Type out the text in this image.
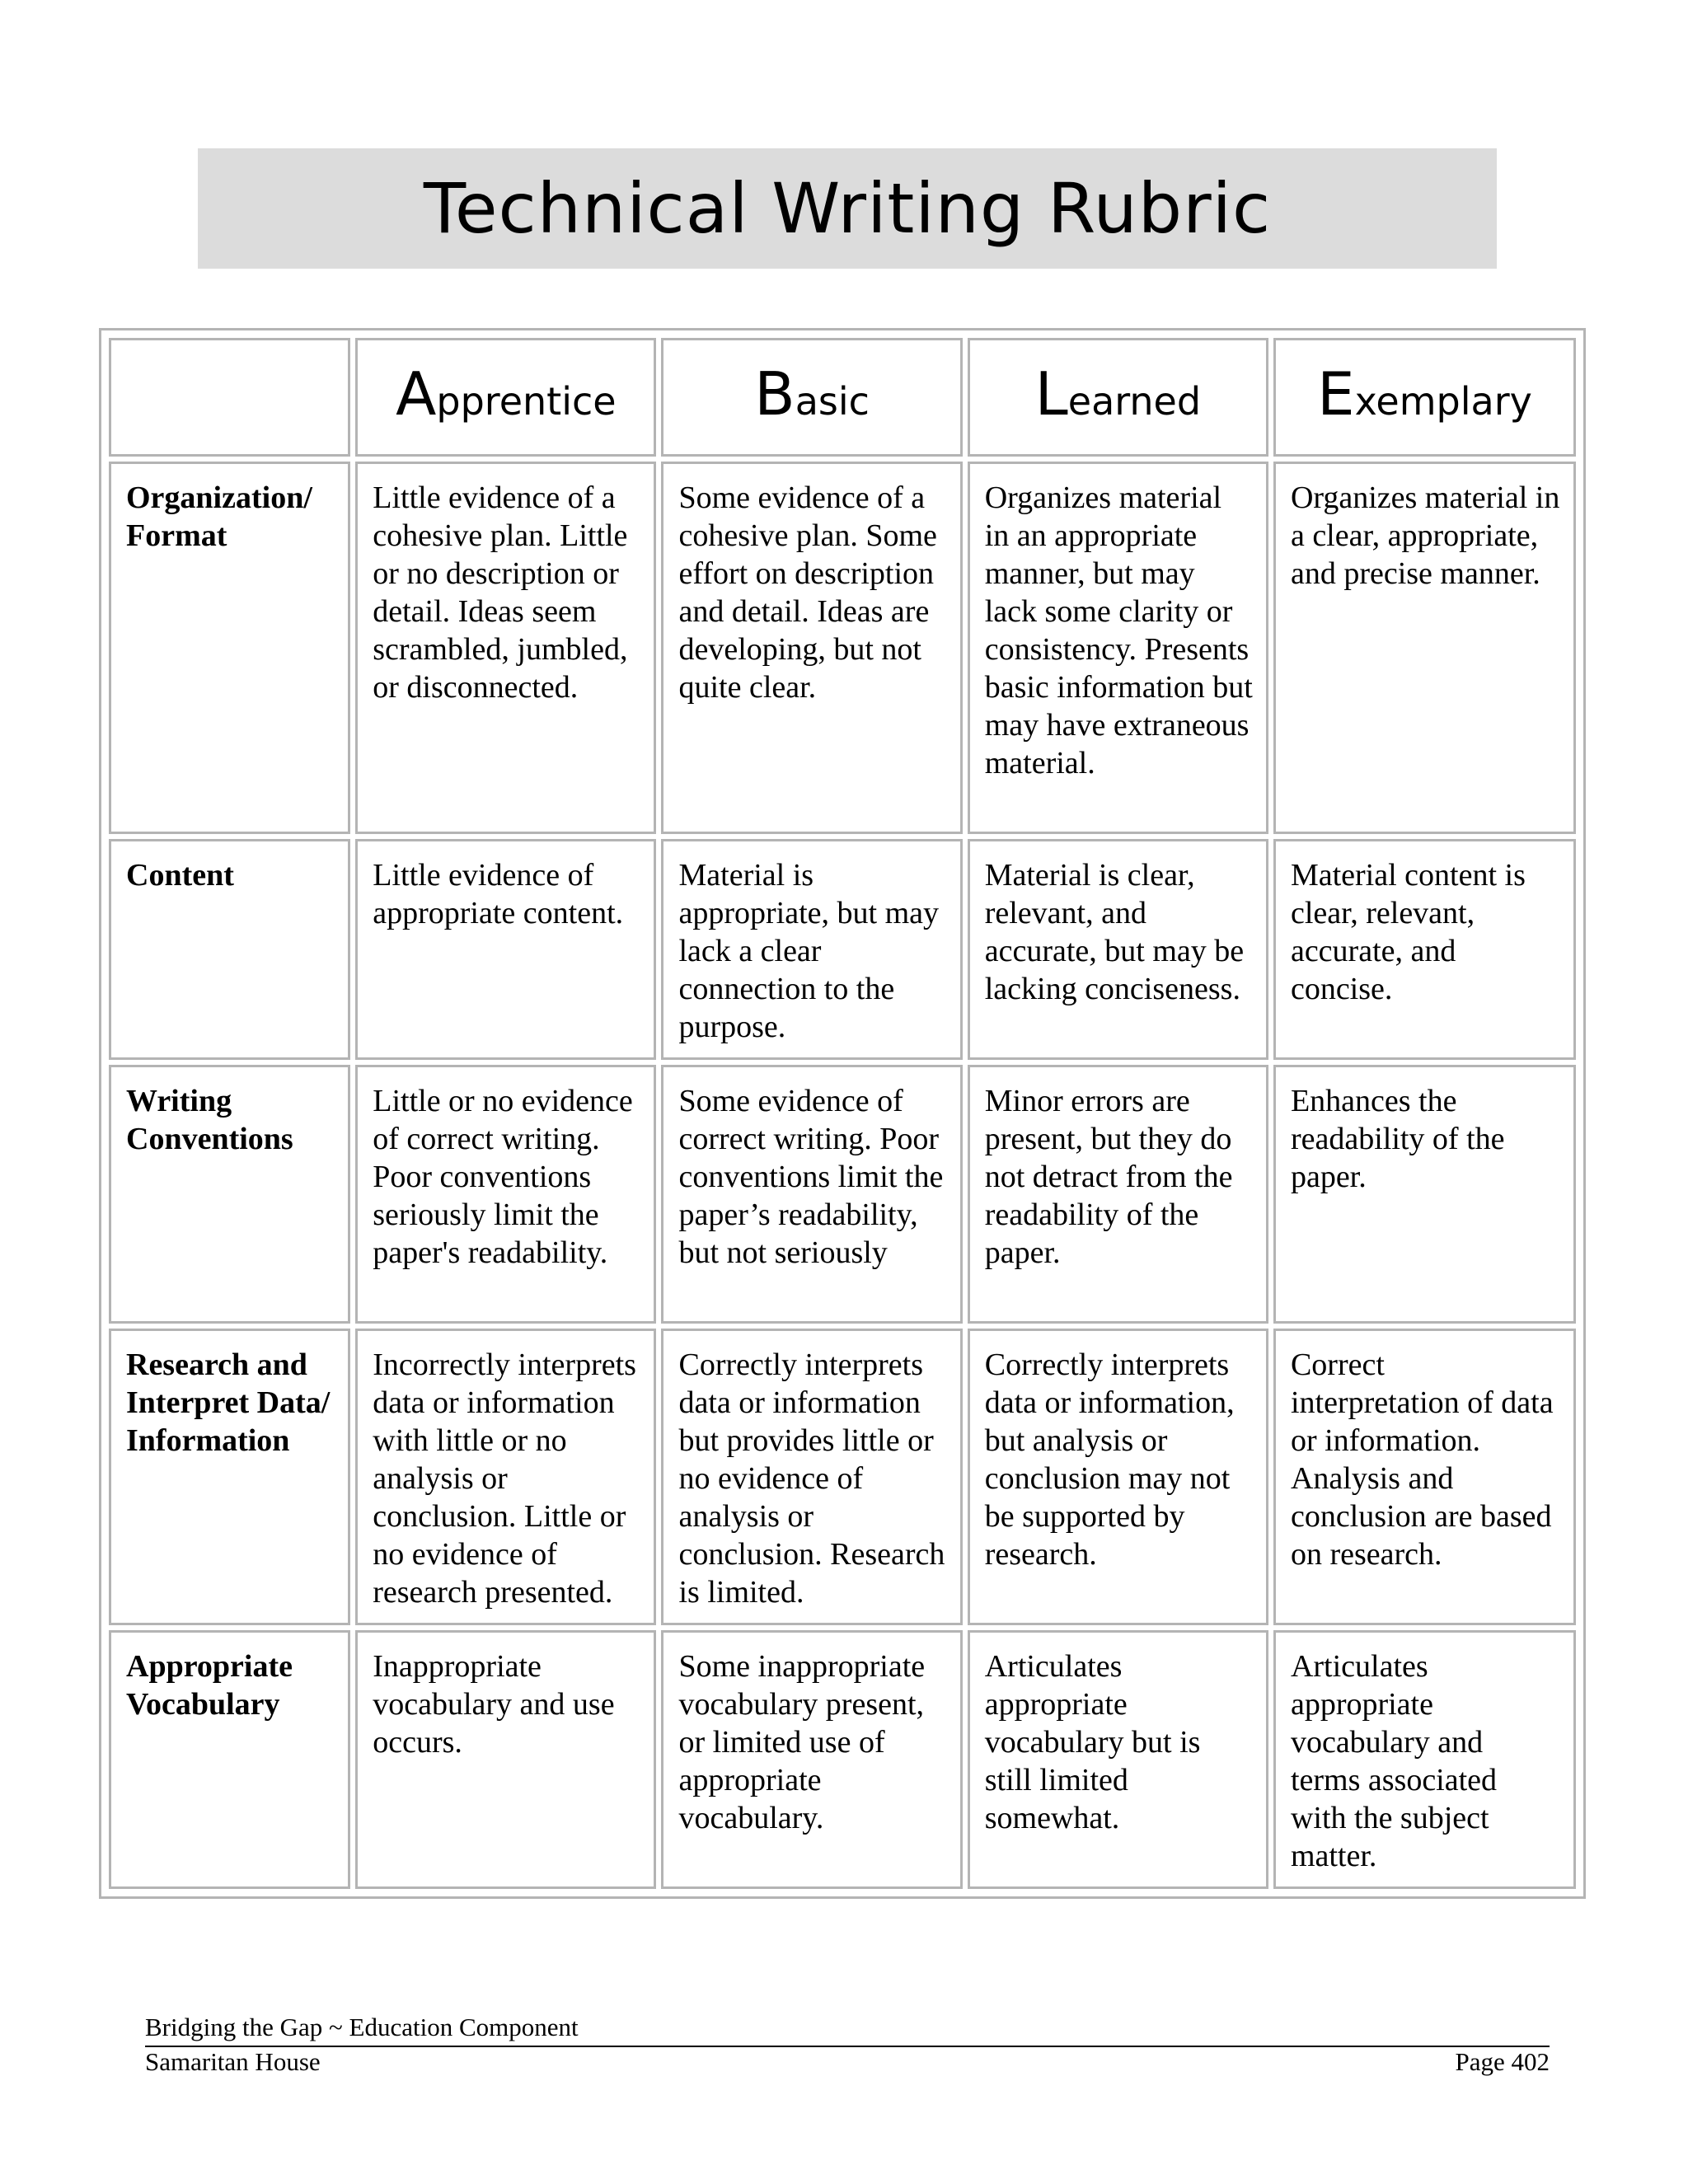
Technical Writing Rubric
	Apprentice	Basic	Learned	Exemplary
Organization/ Format	Little evidence of a cohesive plan. Little or no description or detail. Ideas seem scrambled, jumbled, or disconnected.	Some evidence of a cohesive plan. Some effort on description and detail. Ideas are developing, but not quite clear.	Organizes material in an appropriate manner, but may lack some clarity or consistency. Presents basic information but may have extraneous material.	Organizes material in a clear, appropriate, and precise manner.
Content	Little evidence of appropriate content.	Material is appropriate, but may lack a clear connection to the purpose.	Material is clear, relevant, and accurate, but may be lacking conciseness.	Material content is clear, relevant, accurate, and concise.
Writing Conventions	Little or no evidence of correct writing. Poor conventions seriously limit the paper's readability.	Some evidence of correct writing. Poor conventions limit the paper’s readability, but not seriously	Minor errors are present, but they do not detract from the readability of the paper.	Enhances the readability of the paper.
Research and Interpret Data/ Information	Incorrectly interprets data or information with little or no analysis or conclusion. Little or no evidence of research presented.	Correctly interprets data or information but provides little or no evidence of analysis or conclusion. Research is limited.	Correctly interprets data or information, but analysis or conclusion may not be supported by research.	Correct interpretation of data or information. Analysis and conclusion are based on research.
Appropriate Vocabulary	Inappropriate vocabulary and use occurs.	Some inappropriate vocabulary present, or limited use of appropriate vocabulary.	Articulates appropriate vocabulary but is still limited somewhat.	Articulates appropriate vocabulary and terms associated with the subject matter.
Bridging the Gap ~ Education Component
Samaritan House	Page 402
